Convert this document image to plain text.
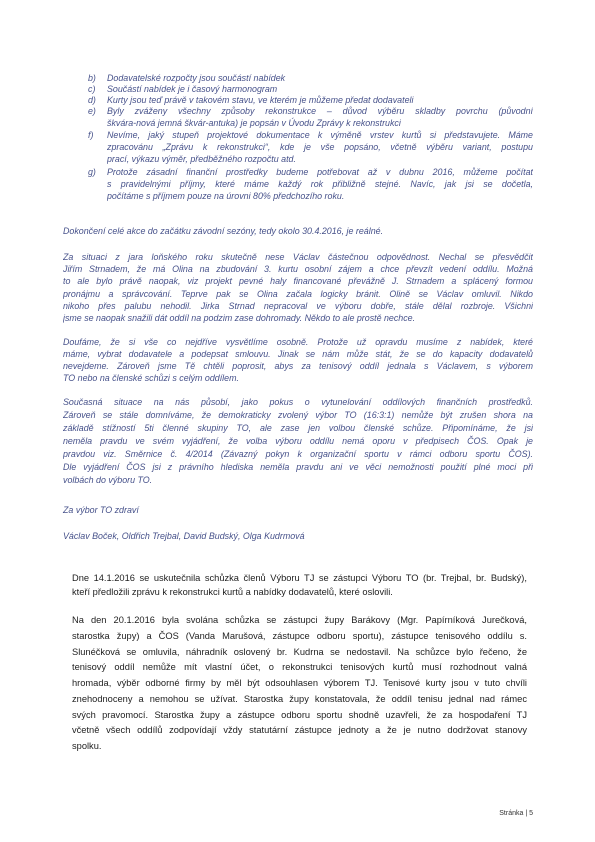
b) Dodavatelské rozpočty jsou součástí nabídek
c) Součástí nabídek je i časový harmonogram
d) Kurty jsou teď právě v takovém stavu, ve kterém je můžeme předat dodavateli
e) Byly zváženy všechny způsoby rekonstrukce – důvod výběru skladby povrchu (původní
škvára-nová jemná škvár-antuka) je popsán v Úvodu Zprávy k rekonstrukci
f) Nevíme, jaký stupeň projektové dokumentace k výměně vrstev kurtů si představujete. Máme
zpracovánu „Zprávu k rekonstrukci“, kde je vše popsáno, včetně výběru variant, postupu
prací, výkazu výměr, předběžného rozpočtu atd.
g) Protože zásadní finanční prostředky budeme potřebovat až v dubnu 2016, můžeme počítat
s pravidelnými příjmy, které máme každý rok přibližně stejné. Navíc, jak jsi se dočetla,
počítáme s příjmem pouze na úrovni 80% předchozího roku.

Dokončení celé akce do začátku závodní sezóny, tedy okolo 30.4.2016, je reálné.

Za situaci z jara loňského roku skutečně nese Václav částečnou odpovědnost. Nechal se přesvědčit
Jiřím Strnadem, že má Olina na zbudování 3. kurtu osobní zájem a chce převzít vedení oddílu. Možná
to ale bylo právě naopak, viz projekt pevné haly financované převážně J. Strnadem a splácený formou
pronájmu a správcování. Teprve pak se Olina začala logicky bránit. Olině se Václav omluvil. Nikdo
nikoho přes palubu nehodil. Jirka Strnad nepracoval ve výboru dobře, stále dělal rozbroje. Všichni
jsme se naopak snažili dát oddíl na podzim zase dohromady. Někdo to ale prostě nechce.
Doufáme, že si vše co nejdříve vysvětlíme osobně. Protože už opravdu musíme z nabídek, které
máme, vybrat dodavatele a podepsat smlouvu. Jinak se nám může stát, že se do kapacity dodavatelů
nevejdeme. Zároveň jsme Tě chtěli poprosit, abys za tenisový oddíl jednala s Václavem, s výborem
TO nebo na členské schůzi s celým oddílem.
Současná situace na nás působí, jako pokus o vytunelování oddílových finančních prostředků.
Zároveň se stále domníváme, že demokraticky zvolený výbor TO (16:3:1) nemůže být zrušen shora na
základě stížností 5ti členné skupiny TO, ale zase jen volbou členské schůze. Připomínáme, že jsi
neměla pravdu ve svém vyjádření, že volba výboru oddílu nemá oporu v předpisech ČOS. Opak je
pravdou viz. Směrnice č. 4/2014 (Závazný pokyn k organizační sportu v rámci odboru sportu ČOS).
Dle vyjádření ČOS jsi z právního hlediska neměla pravdu ani ve věci nemožnosti použití plné moci při
volbách do výboru TO.

Za výbor TO zdraví

Václav Boček, Oldřich Trejbal, David Budský, Olga Kudrmová

Dne 14.1.2016 se uskutečnila schůzka členů Výboru TJ se zástupci Výboru TO (br. Trejbal, br. Budský),
kteří předložili zprávu k rekonstrukci kurtů a nabídky dodavatelů, které oslovili.
Na den 20.1.2016 byla svolána schůzka se zástupci župy Barákovy (Mgr. Papírníková Jurečková,
starostka župy) a ČOS (Vanda Marušová, zástupce odboru sportu), zástupce tenisového oddílu s.
Slunéčková se omluvila, náhradník oslovený br. Kudrna se nedostavil. Na schůzce bylo řečeno, že
tenisový oddíl nemůže mít vlastní účet, o rekonstrukci tenisových kurtů musí rozhodnout valná
hromada, výběr odborné firmy by měl být odsouhlasen výborem TJ. Tenisové kurty jsou v tuto chvíli
znehodnoceny a nemohou se užívat. Starostka župy konstatovala, že oddíl tenisu jednal nad rámec
svých pravomocí. Starostka župy a zástupce odboru sportu shodně uzavřeli, že za hospodaření TJ
včetně všech oddílů zodpovídají vždy statutární zástupce jednoty a že je nutno dodržovat stanovy
spolku.
Stránka | 5
